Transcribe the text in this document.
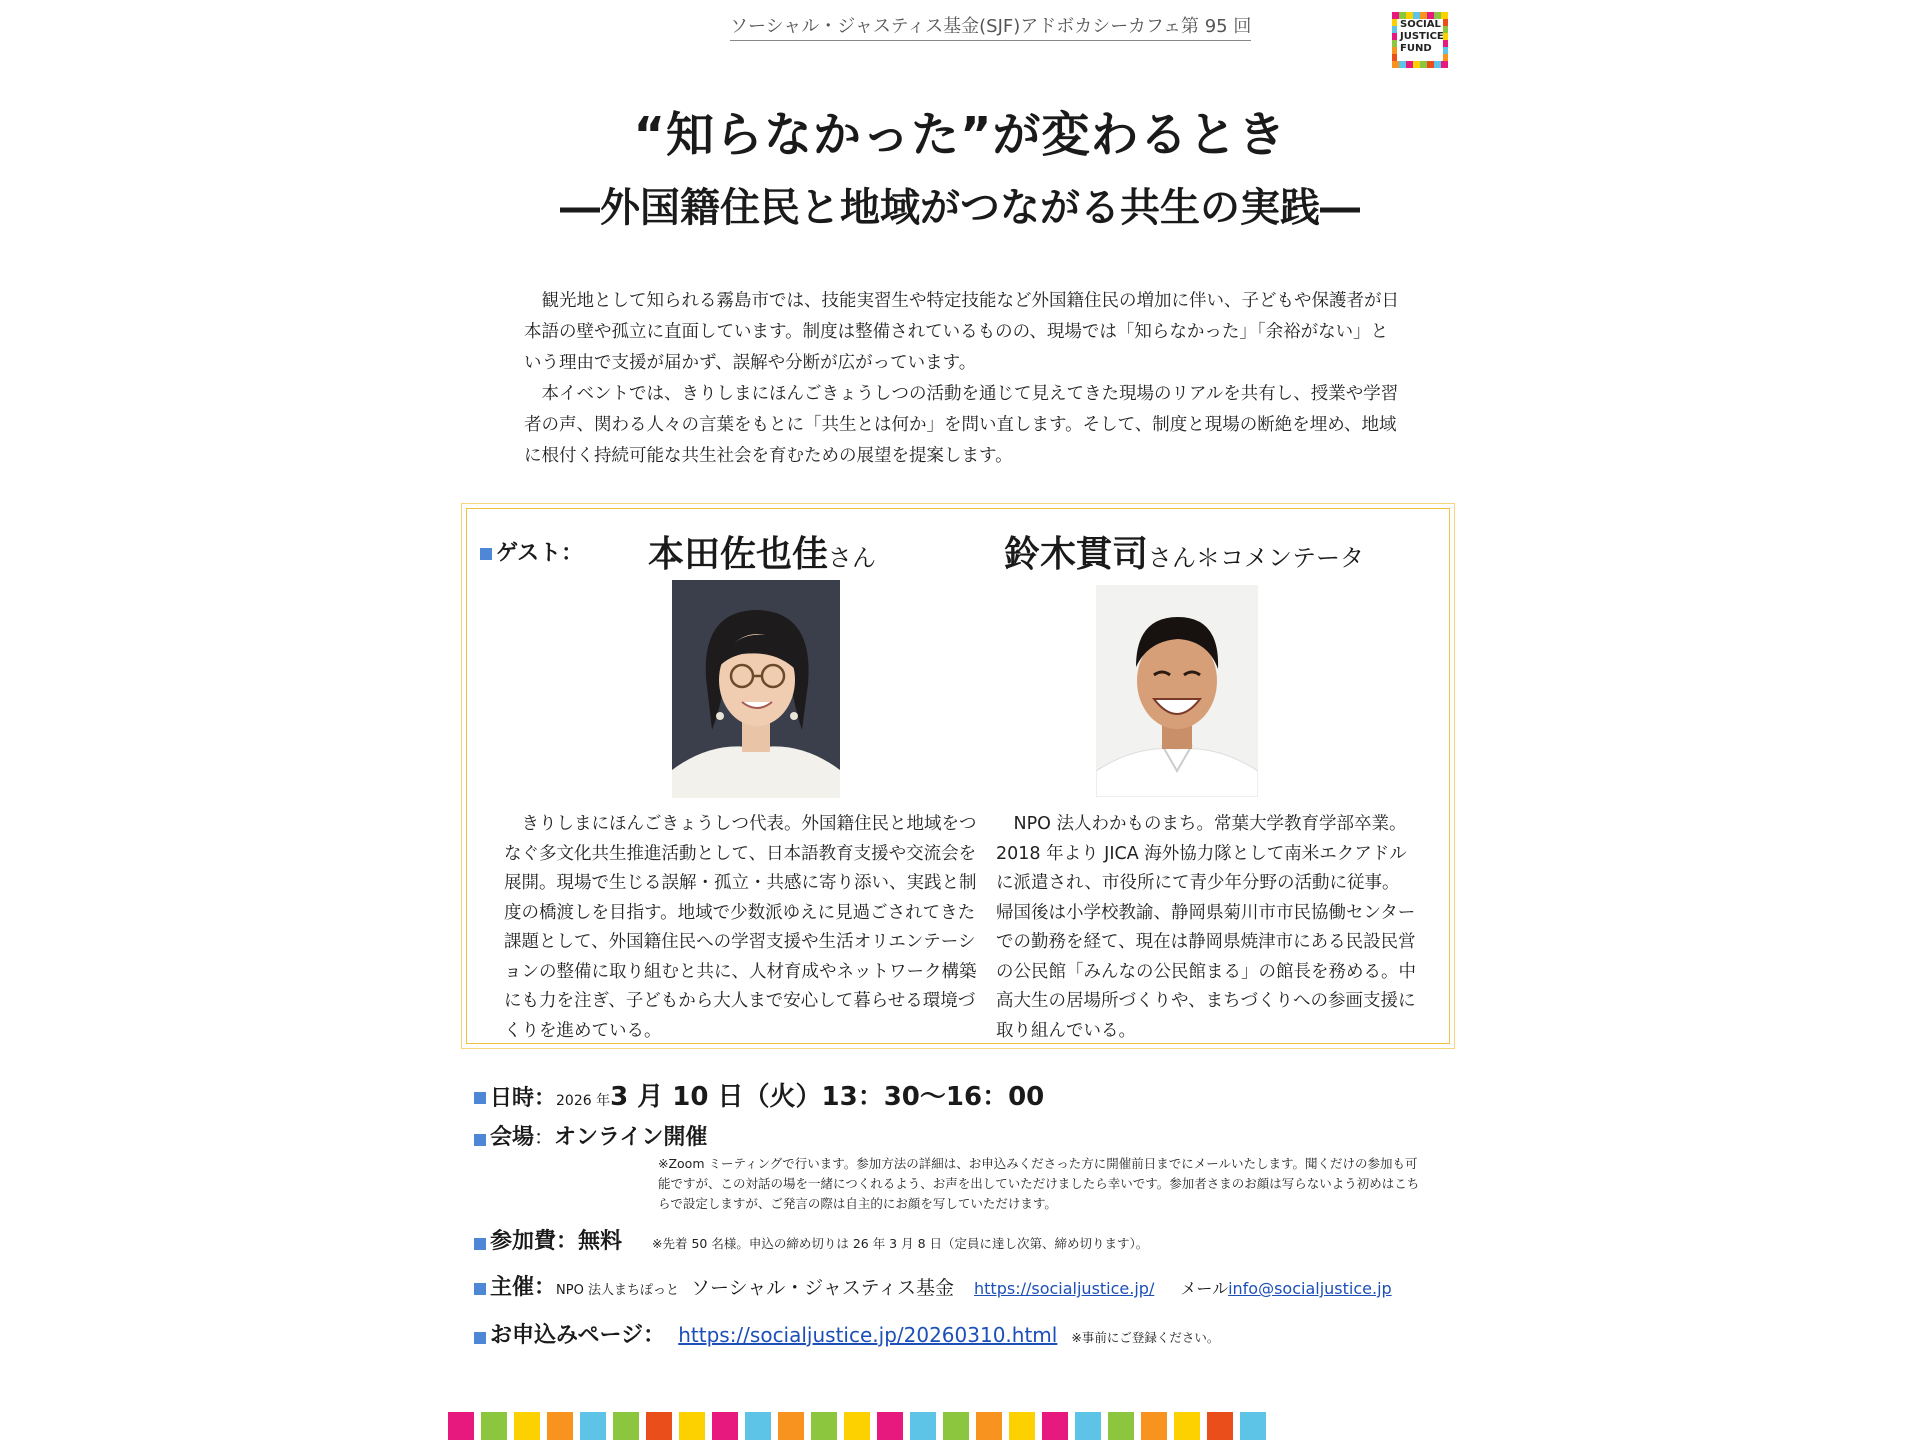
ソーシャル・ジャスティス基金(SJF)アドボカシーカフェ第 95 回	SOCIAL
JUSTICE
FUND
“知らなかった”が変わるとき
―外国籍住民と地域がつながる共生の実践―

観光地として知られる霧島市では、技能実習生や特定技能など外国籍住民の増加に伴い、子どもや保護者が日本語の壁や孤立に直面しています。制度は整備されているものの、現場では「知らなかった」「余裕がない」という理由で支援が届かず、誤解や分断が広がっています。

本イベントでは、きりしまにほんごきょうしつの活動を通じて見えてきた現場のリアルを共有し、授業や学習者の声、関わる人々の言葉をもとに「共生とは何か」を問い直します。そして、制度と現場の断絶を埋め、地域に根付く持続可能な共生社会を育むための展望を提案します。

ゲスト： 本田佐也佳さん	鈴木貫司さん＊コメンテータ

きりしまにほんごきょうしつ代表。外国籍住民と地域をつなぐ多文化共生推進活動として、日本語教育支援や交流会を展開。現場で生じる誤解・孤立・共感に寄り添い、実践と制度の橋渡しを目指す。地域で少数派ゆえに見過ごされてきた課題として、外国籍住民への学習支援や生活オリエンテーションの整備に取り組むと共に、人材育成やネットワーク構築にも力を注ぎ、子どもから大人まで安心して暮らせる環境づくりを進めている。

NPO 法人わかものまち。常葉大学教育学部卒業。2018 年より JICA 海外協力隊として南米エクアドルに派遣され、市役所にて青少年分野の活動に従事。帰国後は小学校教諭、静岡県菊川市市民協働センターでの勤務を経て、現在は静岡県焼津市にある民設民営の公民館「みんなの公民館まる」の館長を務める。中高大生の居場所づくりや、まちづくりへの参画支援に取り組んでいる。

日時：2026 年3 月 10 日（火）13：30～16：00
会場：オンライン開催
※Zoom ミーティングで行います。参加方法の詳細は、お申込みくださった方に開催前日までにメールいたします。聞くだけの参加も可能ですが、この対話の場を一緒につくれるよう、お声を出していただけましたら幸いです。参加者さまのお顔は写らないよう初めはこちらで設定しますが、ご発言の際は自主的にお顔を写していただけます。
参加費：無料 ※先着 50 名様。申込の締め切りは 26 年 3 月 8 日（定員に達し次第、締め切ります）。
主催：NPO 法人まちぽっと ソーシャル・ジャスティス基金 https://socialjustice.jp/ メールinfo@socialjustice.jp
お申込みページ： https://socialjustice.jp/20260310.html ※事前にご登録ください。
